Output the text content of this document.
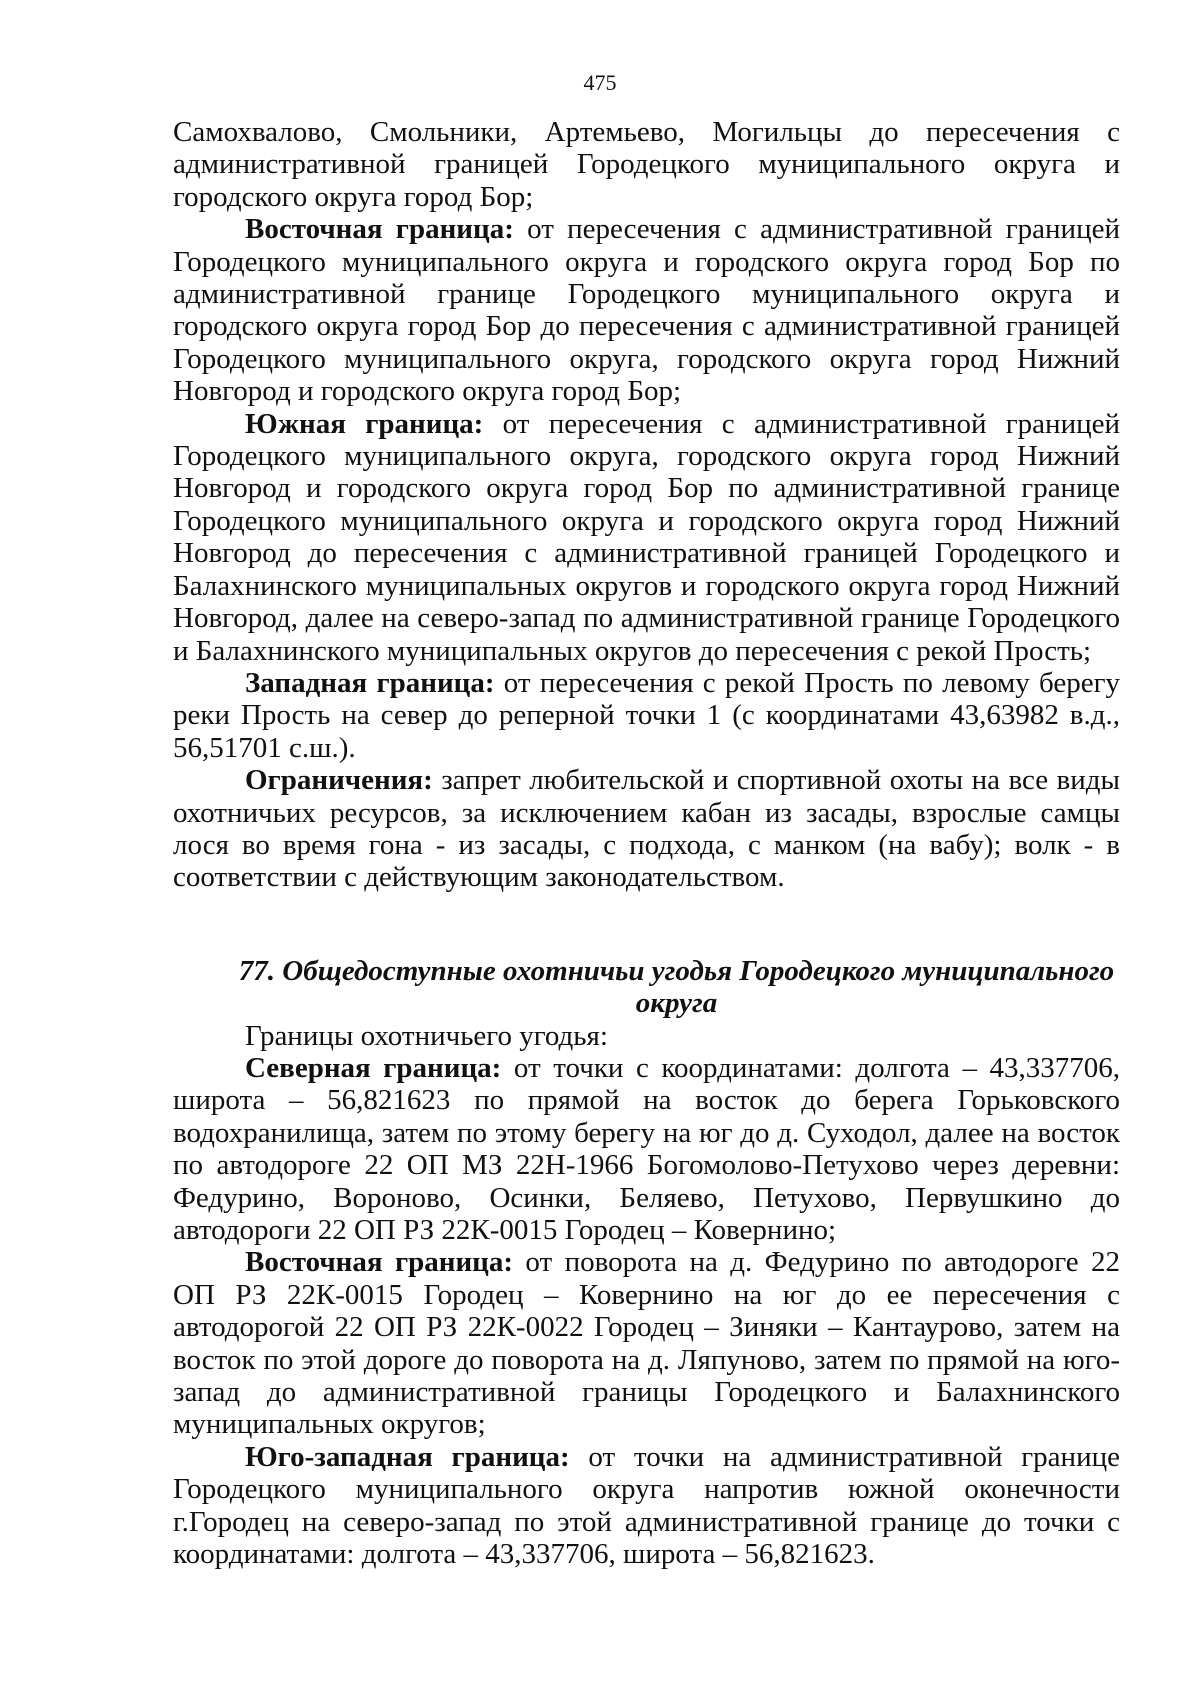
475

Самохвалово, Смольники, Артемьево, Могильцы до пересечения с административной границей Городецкого муниципального округа и городского округа город Бор;

Восточная граница: от пересечения с административной границей Городецкого муниципального округа и городского округа город Бор по административной границе Городецкого муниципального округа и городского округа город Бор до пересечения с административной границей Городецкого муниципального округа, городского округа город Нижний Новгород и городского округа город Бор;

Южная граница: от пересечения с административной границей Городецкого муниципального округа, городского округа город Нижний Новгород и городского округа город Бор по административной границе Городецкого муниципального округа и городского округа город Нижний Новгород до пересечения с административной границей Городецкого и Балахнинского муниципальных округов и городского округа город Нижний Новгород, далее на северо-запад по административной границе Городецкого и Балахнинского муниципальных округов до пересечения с рекой Прость;

Западная граница: от пересечения с рекой Прость по левому берегу реки Прость на север до реперной точки 1 (с координатами 43,63982 в.д., 56,51701 с.ш.).

Ограничения: запрет любительской и спортивной охоты на все виды охотничьих ресурсов, за исключением кабан из засады, взрослые самцы лося во время гона - из засады, с подхода, с манком (на вабу); волк - в соответствии с действующим законодательством.

77. Общедоступные охотничьи угодья Городецкого муниципального округа

Границы охотничьего угодья:

Северная граница: от точки с координатами: долгота – 43,337706, широта – 56,821623 по прямой на восток до берега Горьковского водохранилища, затем по этому берегу на юг до д. Суходол, далее на восток по автодороге 22 ОП МЗ 22Н-1966 Богомолово-Петухово через деревни: Федурино, Вороново, Осинки, Беляево, Петухово, Первушкино до автодороги 22 ОП РЗ 22К-0015 Городец – Ковернино;

Восточная граница: от поворота на д. Федурино по автодороге 22 ОП РЗ 22К-0015 Городец – Ковернино на юг до ее пересечения с автодорогой 22 ОП РЗ 22К-0022 Городец – Зиняки – Кантаурово, затем на восток по этой дороге до поворота на д. Ляпуново, затем по прямой на юго-запад до административной границы Городецкого и Балахнинского муниципальных округов;

Юго-западная граница: от точки на административной границе Городецкого муниципального округа напротив южной оконечности г.Городец на северо-запад по этой административной границе до точки с координатами: долгота – 43,337706, широта – 56,821623.
